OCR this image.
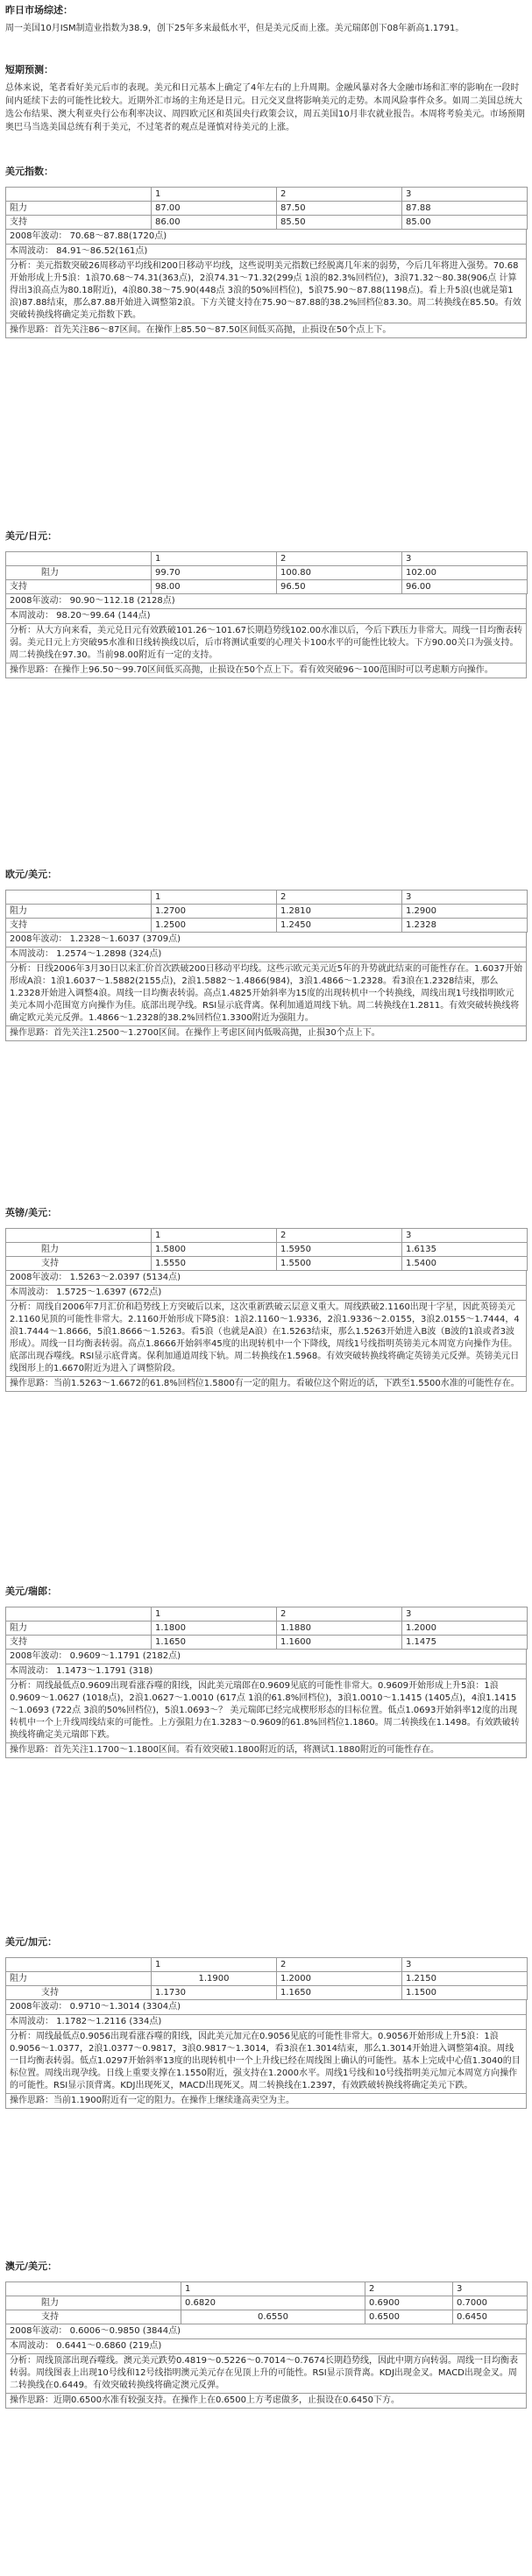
昨日市场综述：

周一美国10月ISM制造业指数为38.9，创下25年多来最低水平，但是美元反而上涨。美元瑞郎创下08年新高1.1791。

短期预测：

总体来说，笔者看好美元后市的表现。美元和日元基本上确定了4年左右的上升周期。金融风暴对各大金融市场和汇率的影响在一段时间内延续下去的可能性比较大。近期外汇市场的主角还是日元。日元交叉盘将影响美元的走势。本周风险事件众多。如周二美国总统大选公布结果、澳大利亚央行公布利率决议、周四欧元区和英国央行政策会议，周五美国10月非农就业报告。本周将考验美元。市场预期奥巴马当选美国总统有利于美元，不过笔者的观点是谨慎对待美元的上涨。

美元指数：

	1	2	3
阻力	87.00	87.50	87.88
支持	86.00	85.50	85.00
2008年波动： 70.68～87.88(1720点)
本周波动： 84.91～86.52(161点)
分析：美元指数突破26周移动平均线和200日移动平均线，这些说明美元指数已经脱离几年来的弱势，今后几年将进入强势。70.68开始形成上升5浪：1浪70.68～74.31(363点)，2浪74.31～71.32(299点 1浪的82.3%回档位)，3浪71.32～80.38(906点 计算得出3浪高点为80.18附近)，4浪80.38～75.90(448点 3浪的50%回档位)，5浪75.90～87.88(1198点)。看上升5浪(也就是第1浪)87.88结束，那么87.88开始进入调整第2浪。下方关键支持在75.90～87.88的38.2%回档位83.30。周二转换线在85.50。有效突破转换线将确定美元指数下跌。
操作思路：首先关注86～87区间。在操作上85.50～87.50区间低买高抛，止损设在50个点上下。

美元/日元：

	1	2	3
阻力	99.70	100.80	102.00
支持	98.00	96.50	96.00
2008年波动： 90.90～112.18 (2128点)
本周波动： 98.20～99.64 (144点)
分析：从大方向来看，美元兑日元有效跌破101.26～101.67长期趋势线102.00水准以后，今后下跌压力非常大。周线一目均衡表转弱。美元日元上方突破95水准和日线转换线以后，后市将测试重要的心理关卡100水平的可能性比较大。下方90.00关口为强支持。周二转换线在97.30。当前98.00附近有一定的支持。
操作思路：在操作上96.50～99.70区间低买高抛，止损设在50个点上下。看有效突破96～100范围时可以考虑顺方向操作。

欧元/美元：

	1	2	3
阻力	1.2700	1.2810	1.2900
支持	1.2500	1.2450	1.2328
2008年波动： 1.2328～1.6037 (3709点)
本周波动： 1.2574～1.2898 (324点)
分析：日线2006年3月30日以来汇价首次跌破200日移动平均线。这些示欧元美元近5年的升势就此结束的可能性存在。1.6037开始形成A浪：1浪1.6037～1.5882(2155点)，2浪1.5882～1.4866(984)，3浪1.4866～1.2328。看3浪在1.2328结束，那么1.2328开始进入调整4浪。周线一目均衡表转弱。高点1.4825开始斜率为15度的出现转机中一个转换线，周线出现1号线指明欧元美元本周小范围宽方向操作为佳。底部出现孕线。RSI显示底背离。保利加通道周线下轨。周二转换线在1.2811。有效突破转换线将确定欧元美元反弹。1.4866～1.2328的38.2%回档位1.3300附近为强阻力。
操作思路：首先关注1.2500～1.2700区间。在操作上考虑区间内低吸高抛，止损30个点上下。

英镑/美元：

	1	2	3
阻力	1.5800	1.5950	1.6135
支持	1.5550	1.5500	1.5400
2008年波动： 1.5263～2.0397 (5134点)
本周波动： 1.5725～1.6397 (672点)
分析：周线自2006年7月汇价和趋势线上方突破后以来，这次重新跌破云层意义重大。周线跌破2.1160出现十字星，因此英镑美元2.1160见顶的可能性非常大。2.1160开始形成下降5浪：1浪2.1160～1.9336，2浪1.9336～2.0155，3浪2.0155～1.7444，4浪1.7444～1.8666，5浪1.8666～1.5263。看5浪（也就是A浪）在1.5263结束，那么1.5263开始进入B波（B波的1浪或者3波形成）。周线一目均衡表转弱。高点1.8666开始斜率45度的出现转机中一个下降线，周线1号线指明英镑美元本周宽方向操作为佳。底部出现吞噬线。RSI显示底背离。保利加通道周线下轨。周二转换线在1.5968。有效突破转换线将确定英镑美元反弹。英镑美元日线图形上的1.6670附近为进入了调整阶段。
操作思路：当前1.5263～1.6672的61.8%回档位1.5800有一定的阻力。看破位这个附近的话，下跌至1.5500水准的可能性存在。

美元/瑞郎：

	1	2	3
阻力	1.1800	1.1880	1.2000
支持	1.1650	1.1600	1.1475
2008年波动： 0.9609～1.1791 (2182点)
本周波动： 1.1473～1.1791 (318)
分析：周线最低点0.9609出现看涨吞噬的阳线，因此美元瑞郎在0.9609见底的可能性非常大。0.9609开始形成上升5浪：1浪0.9609～1.0627 (1018点)，2浪1.0627～1.0010 (617点 1浪的61.8%回档位)，3浪1.0010～1.1415 (1405点)，4浪1.1415～1.0693 (722点 3浪的50%回档位)，5浪1.0693～？ 美元瑞郎已经完成楔形形态的目标位置。低点1.0693开始斜率12度的出现转机中一个上升线周线结束的可能性。上方强阻力在1.3283～0.9609的61.8%回档位1.1860。周二转换线在1.1498。有效跌破转换线将确定美元瑞郎下跌。
操作思路：首先关注1.1700～1.1800区间。看有效突破1.1800附近的话，将测试1.1880附近的可能性存在。

美元/加元：

	1	2	3
阻力	1.1900	1.2000	1.2150
支持	1.1730	1.1650	1.1500
2008年波动： 0.9710～1.3014 (3304点)
本周波动： 1.1782～1.2116 (334点)
分析：周线最低点0.9056出现看涨吞噬的阳线，因此美元加元在0.9056见底的可能性非常大。0.9056开始形成上升5浪：1浪0.9056～1.0377，2浪1.0377～0.9817，3浪0.9817～1.3014，看3浪在1.3014结束，那么1.3014开始进入调整第4浪。周线一目均衡表转弱。低点1.0297开始斜率13度的出现转机中一个上升线已经在周线图上确认的可能性。基本上完成中心值1.3040的目标位置。周线出现孕线。日线上重要支撑在1.1550附近，强支持在1.2000水平。周线1号线和10号线指明美元加元本周宽方向操作的可能性。RSI显示顶背离。KDJ出现死叉，MACD出现死叉。周二转换线在1.2397，有效跌破转换线将确定美元下跌。
操作思路：当前1.1900附近有一定的阻力。在操作上继续逢高卖空为主。

澳元/美元：

	1	2	3
阻力	0.6820	0.6900	0.7000
支持	0.6550	0.6500	0.6450
2008年波动： 0.6006～0.9850 (3844点)
本周波动： 0.6441～0.6860 (219点)
分析：周线顶部出现吞噬线。澳元美元跌势0.4819～0.5226～0.7014～0.7674长期趋势线，因此中期方向转弱。周线一目均衡表转弱。周线图表上出现10号线和12号线指明澳元美元存在见顶上升的可能性。RSI显示顶背离。KDJ出现金叉。MACD出现金叉。周二转换线在0.6449。有效突破转换线将确定澳元反弹。
操作思路：近期0.6500水准有较强支持。在操作上在0.6500上方考虑做多，止损设在0.6450下方。
